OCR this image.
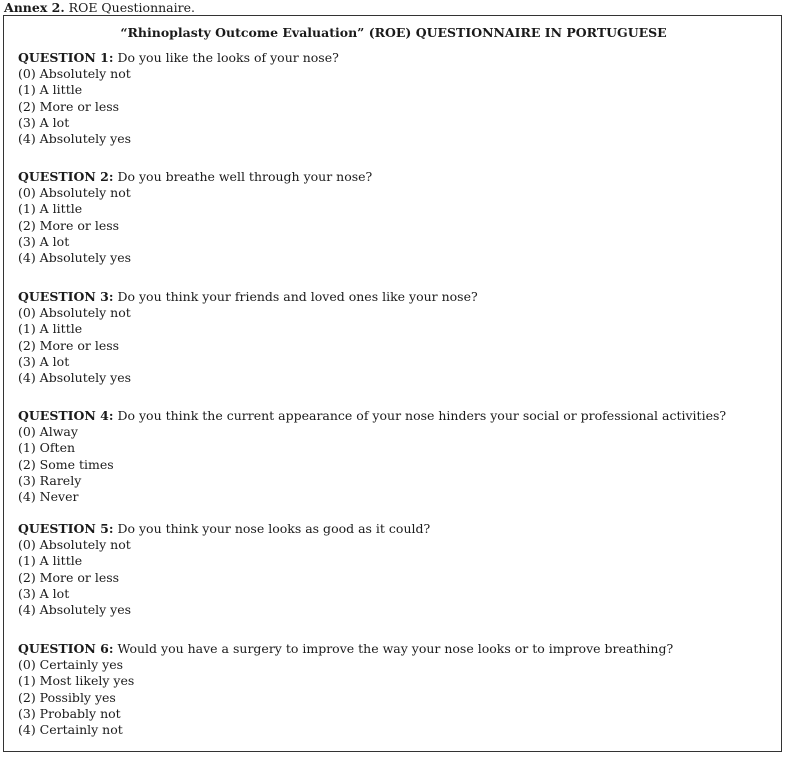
Annex 2. ROE Questionnaire.
“Rhinoplasty Outcome Evaluation” (ROE) QUESTIONNAIRE IN PORTUGUESE
QUESTION 1: Do you like the looks of your nose?
(0) Absolutely not
(1) A little
(2) More or less
(3) A lot
(4) Absolutely yes
QUESTION 2: Do you breathe well through your nose?
(0) Absolutely not
(1) A little
(2) More or less
(3) A lot
(4) Absolutely yes
QUESTION 3: Do you think your friends and loved ones like your nose?
(0) Absolutely not
(1) A little
(2) More or less
(3) A lot
(4) Absolutely yes
QUESTION 4: Do you think the current appearance of your nose hinders your social or professional activities?
(0) Alway
(1) Often
(2) Some times
(3) Rarely
(4) Never
QUESTION 5: Do you think your nose looks as good as it could?
(0) Absolutely not
(1) A little
(2) More or less
(3) A lot
(4) Absolutely yes
QUESTION 6: Would you have a surgery to improve the way your nose looks or to improve breathing?
(0) Certainly yes
(1) Most likely yes
(2) Possibly yes
(3) Probably not
(4) Certainly not
